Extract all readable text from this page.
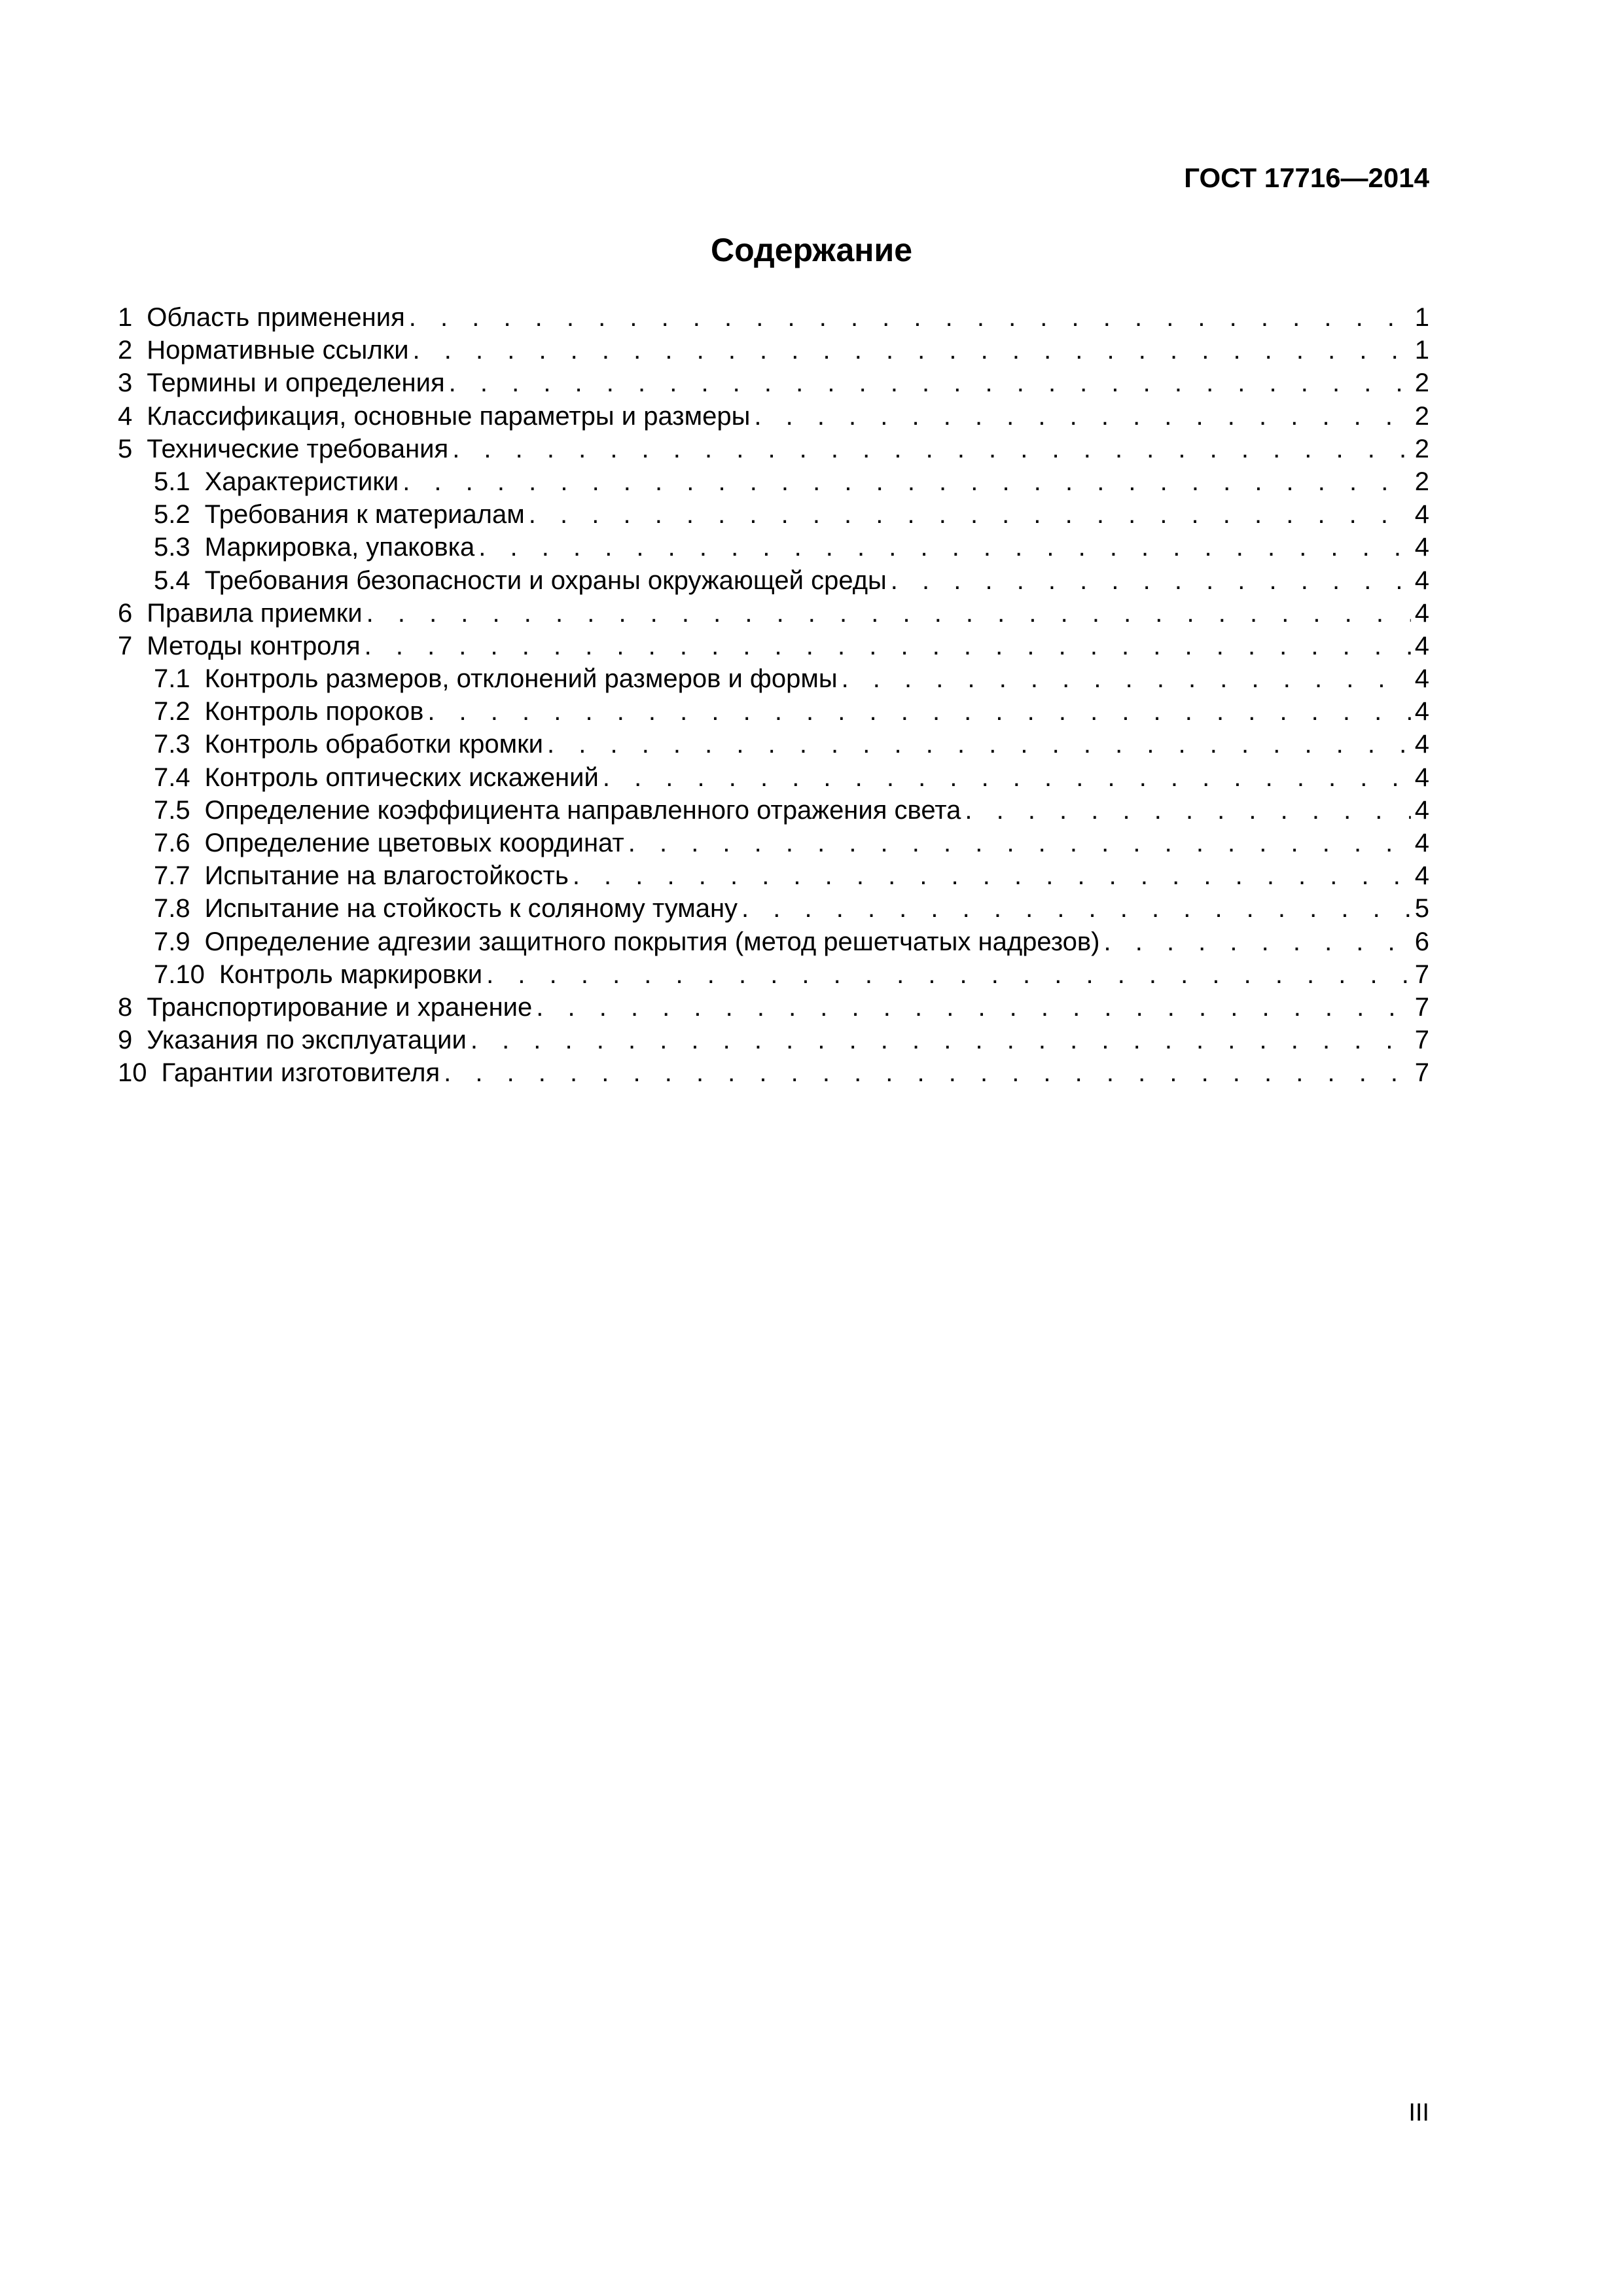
ГОСТ 17716—2014
Содержание
1 Область применения . . .	1
2 Нормативные ссылки . . .	1
3 Термины и определения . . .	2
4 Классификация, основные параметры и размеры . . .	2
5 Технические требования . . .	2
5.1 Характеристики . . .	2
5.2 Требования к материалам . . .	4
5.3 Маркировка, упаковка . . .	4
5.4 Требования безопасности и охраны окружающей среды . . .	4
6 Правила приемки . . .	4
7 Методы контроля . . .	4
7.1 Контроль размеров, отклонений размеров и формы . . .	4
7.2 Контроль пороков . . .	4
7.3 Контроль обработки кромки . . .	4
7.4 Контроль оптических искажений . . .	4
7.5 Определение коэффициента направленного отражения света . . .	4
7.6 Определение цветовых координат . . .	4
7.7 Испытание на влагостойкость . . .	4
7.8 Испытание на стойкость к соляному туману . . .	5
7.9 Определение адгезии защитного покрытия (метод решетчатых надрезов) . . .	6
7.10 Контроль маркировки . . .	7
8 Транспортирование и хранение . . .	7
9 Указания по эксплуатации . . .	7
10 Гарантии изготовителя . . .	7
III
